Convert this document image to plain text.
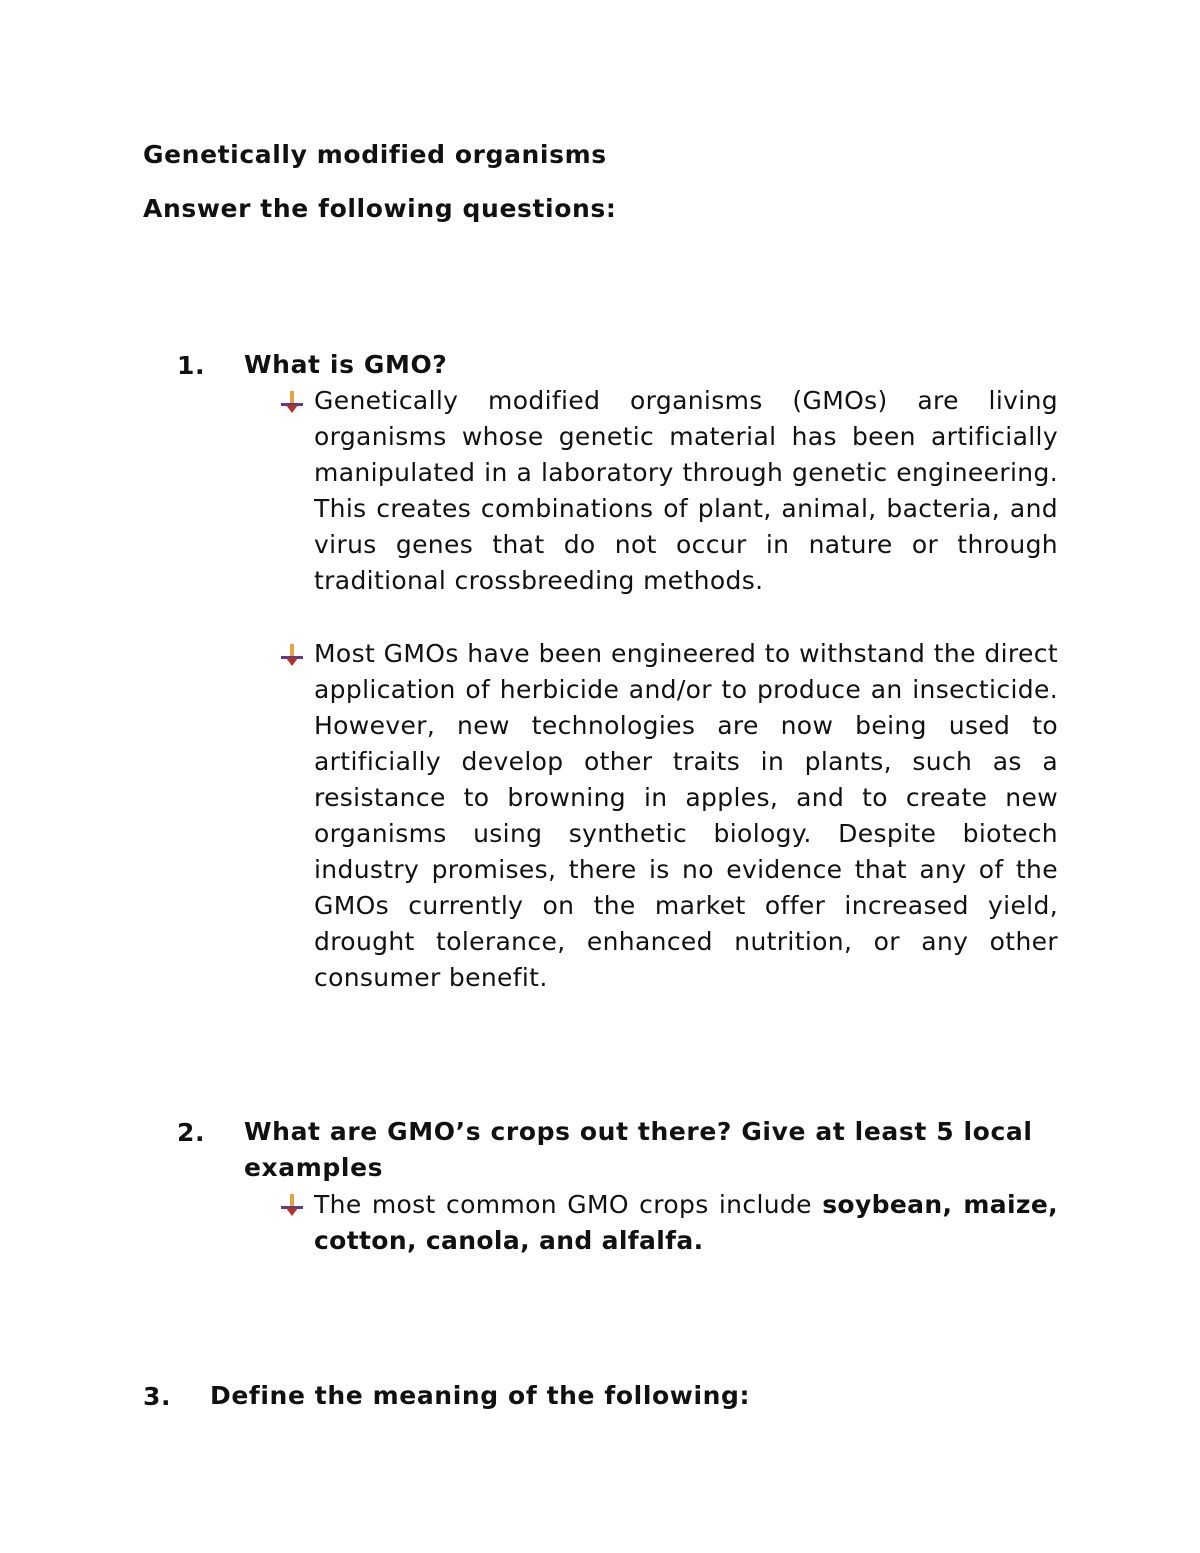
Genetically modified organisms
Answer the following questions:
1. What is GMO?
Genetically modified organisms (GMOs) are living organisms whose genetic material has been artificially manipulated in a laboratory through genetic engineering. This creates combinations of plant, animal, bacteria, and virus genes that do not occur in nature or through traditional crossbreeding methods.
Most GMOs have been engineered to withstand the direct application of herbicide and/or to produce an insecticide. However, new technologies are now being used to artificially develop other traits in plants, such as a resistance to browning in apples, and to create new organisms using synthetic biology. Despite biotech industry promises, there is no evidence that any of the GMOs currently on the market offer increased yield, drought tolerance, enhanced nutrition, or any other consumer benefit.
2. What are GMO’s crops out there? Give at least 5 local examples
The most common GMO crops include soybean, maize, cotton, canola, and alfalfa.
3. Define the meaning of the following:
